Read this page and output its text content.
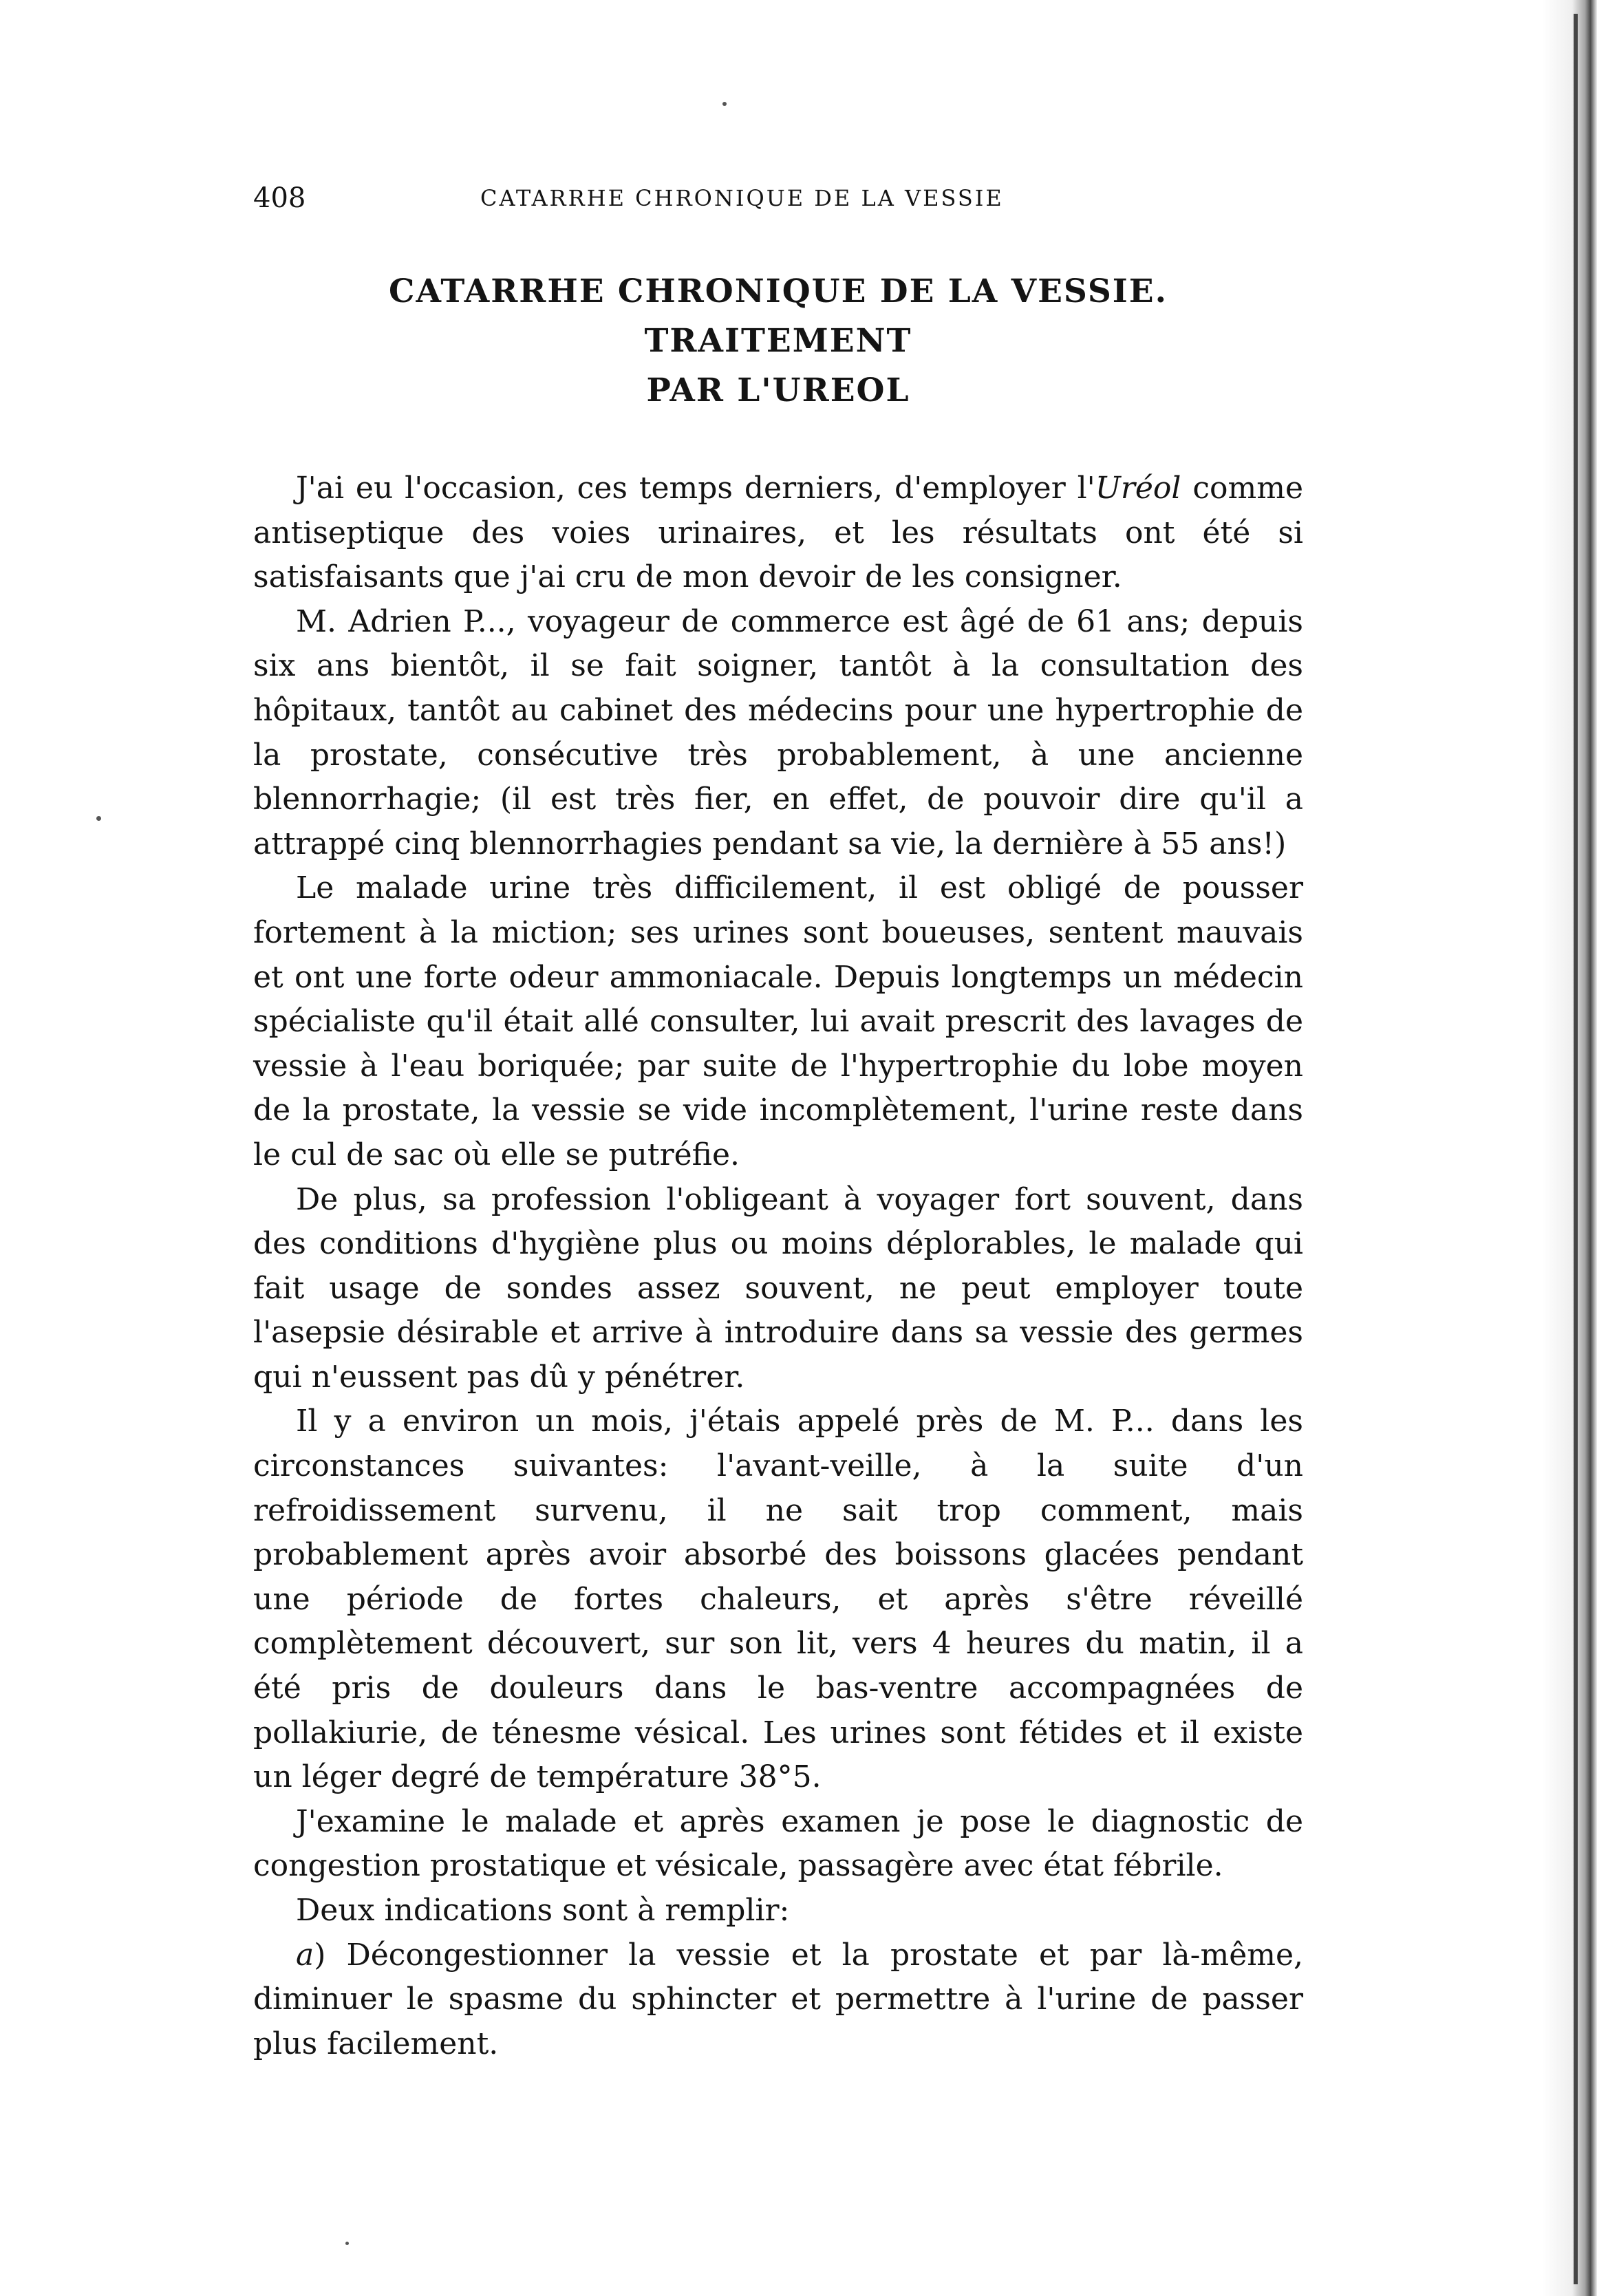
408	CATARRHE CHRONIQUE DE LA VESSIE
CATARRHE CHRONIQUE DE LA VESSIE. TRAITEMENT
PAR L'UREOL

J'ai eu l'occasion, ces temps derniers, d'employer l'Uréol comme antiseptique des voies urinaires, et les résultats ont été si satisfaisants que j'ai cru de mon devoir de les consigner.

M. Adrien P..., voyageur de commerce est âgé de 61 ans; depuis six ans bientôt, il se fait soigner, tantôt à la consultation des hôpitaux, tantôt au cabinet des médecins pour une hypertrophie de la prostate, consécutive très probablement, à une ancienne blennorrhagie; (il est très fier, en effet, de pouvoir dire qu'il a attrappé cinq blennorrhagies pendant sa vie, la dernière à 55 ans!)

Le malade urine très difficilement, il est obligé de pousser fortement à la miction; ses urines sont boueuses, sentent mauvais et ont une forte odeur ammoniacale. Depuis longtemps un médecin spécialiste qu'il était allé consulter, lui avait prescrit des lavages de vessie à l'eau boriquée; par suite de l'hypertrophie du lobe moyen de la prostate, la vessie se vide incomplètement, l'urine reste dans le cul de sac où elle se putréfie.

De plus, sa profession l'obligeant à voyager fort souvent, dans des conditions d'hygiène plus ou moins déplorables, le malade qui fait usage de sondes assez souvent, ne peut employer toute l'asepsie désirable et arrive à introduire dans sa vessie des germes qui n'eussent pas dû y pénétrer.

Il y a environ un mois, j'étais appelé près de M. P... dans les circonstances suivantes: l'avant-veille, à la suite d'un refroidissement survenu, il ne sait trop comment, mais probablement après avoir absorbé des boissons glacées pendant une période de fortes chaleurs, et après s'être réveillé complètement découvert, sur son lit, vers 4 heures du matin, il a été pris de douleurs dans le bas-ventre accompagnées de pollakiurie, de ténesme vésical. Les urines sont fétides et il existe un léger degré de température 38°5.

J'examine le malade et après examen je pose le diagnostic de congestion prostatique et vésicale, passagère avec état fébrile.

Deux indications sont à remplir:

a) Décongestionner la vessie et la prostate et par là-même, diminuer le spasme du sphincter et permettre à l'urine de passer plus facilement.
